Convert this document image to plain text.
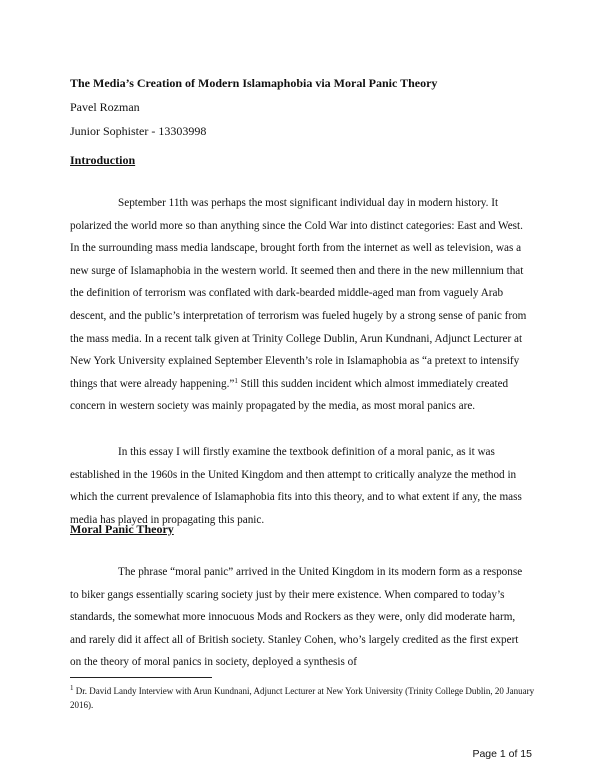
The Media’s Creation of Modern Islamaphobia via Moral Panic Theory
Pavel Rozman
Junior Sophister - 13303998
Introduction

September 11th was perhaps the most significant individual day in modern history. It polarized the world more so than anything since the Cold War into distinct categories: East and West. In the surrounding mass media landscape, brought forth from the internet as well as television, was a new surge of Islamaphobia in the western world. It seemed then and there in the new millennium that the definition of terrorism was conflated with dark-bearded middle-aged man from vaguely Arab descent, and the public’s interpretation of terrorism was fueled hugely by a strong sense of panic from the mass media. In a recent talk given at Trinity College Dublin, Arun Kundnani, Adjunct Lecturer at New York University explained September Eleventh’s role in Islamaphobia as “a pretext to intensify things that were already happening.”$^1$ Still this sudden incident which almost immediately created concern in western society was mainly propagated by the media, as most moral panics are.

In this essay I will firstly examine the textbook definition of a moral panic, as it was established in the 1960s in the United Kingdom and then attempt to critically analyze the method in which the current prevalence of Islamaphobia fits into this theory, and to what extent if any, the mass media has played in propagating this panic.

Moral Panic Theory

The phrase “moral panic” arrived in the United Kingdom in its modern form as a response to biker gangs essentially scaring society just by their mere existence. When compared to today’s standards, the somewhat more innocuous Mods and Rockers as they were, only did moderate harm, and rarely did it affect all of British society. Stanley Cohen, who’s largely credited as the first expert on the theory of moral panics in society, deployed a synthesis of

$^1$ Dr. David Landy Interview with Arun Kundnani, Adjunct Lecturer at New York University (Trinity College Dublin, 20 January 2016).

Page 1 of 15
